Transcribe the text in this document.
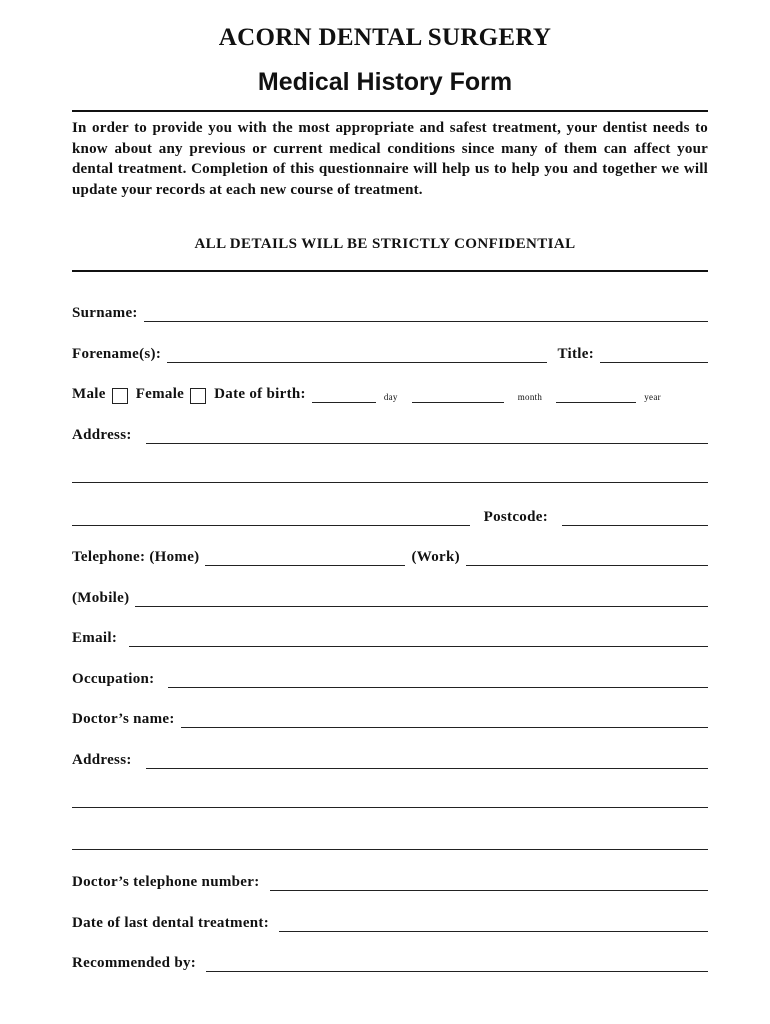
ACORN DENTAL SURGERY
Medical History Form
In order to provide you with the most appropriate and safest treatment, your dentist needs to know about any previous or current medical conditions since many of them can affect your dental treatment. Completion of this questionnaire will help us to help you and together we will update your records at each new course of treatment.
ALL DETAILS WILL BE STRICTLY CONFIDENTIAL
Surname:
Forename(s):	Title:
Male Female Date of birth:	day	month	year
Address:
Postcode:
Telephone: (Home)	(Work)
(Mobile)
Email:
Occupation:
Doctor’s name:
Address:
Doctor’s telephone number:
Date of last dental treatment:
Recommended by:
